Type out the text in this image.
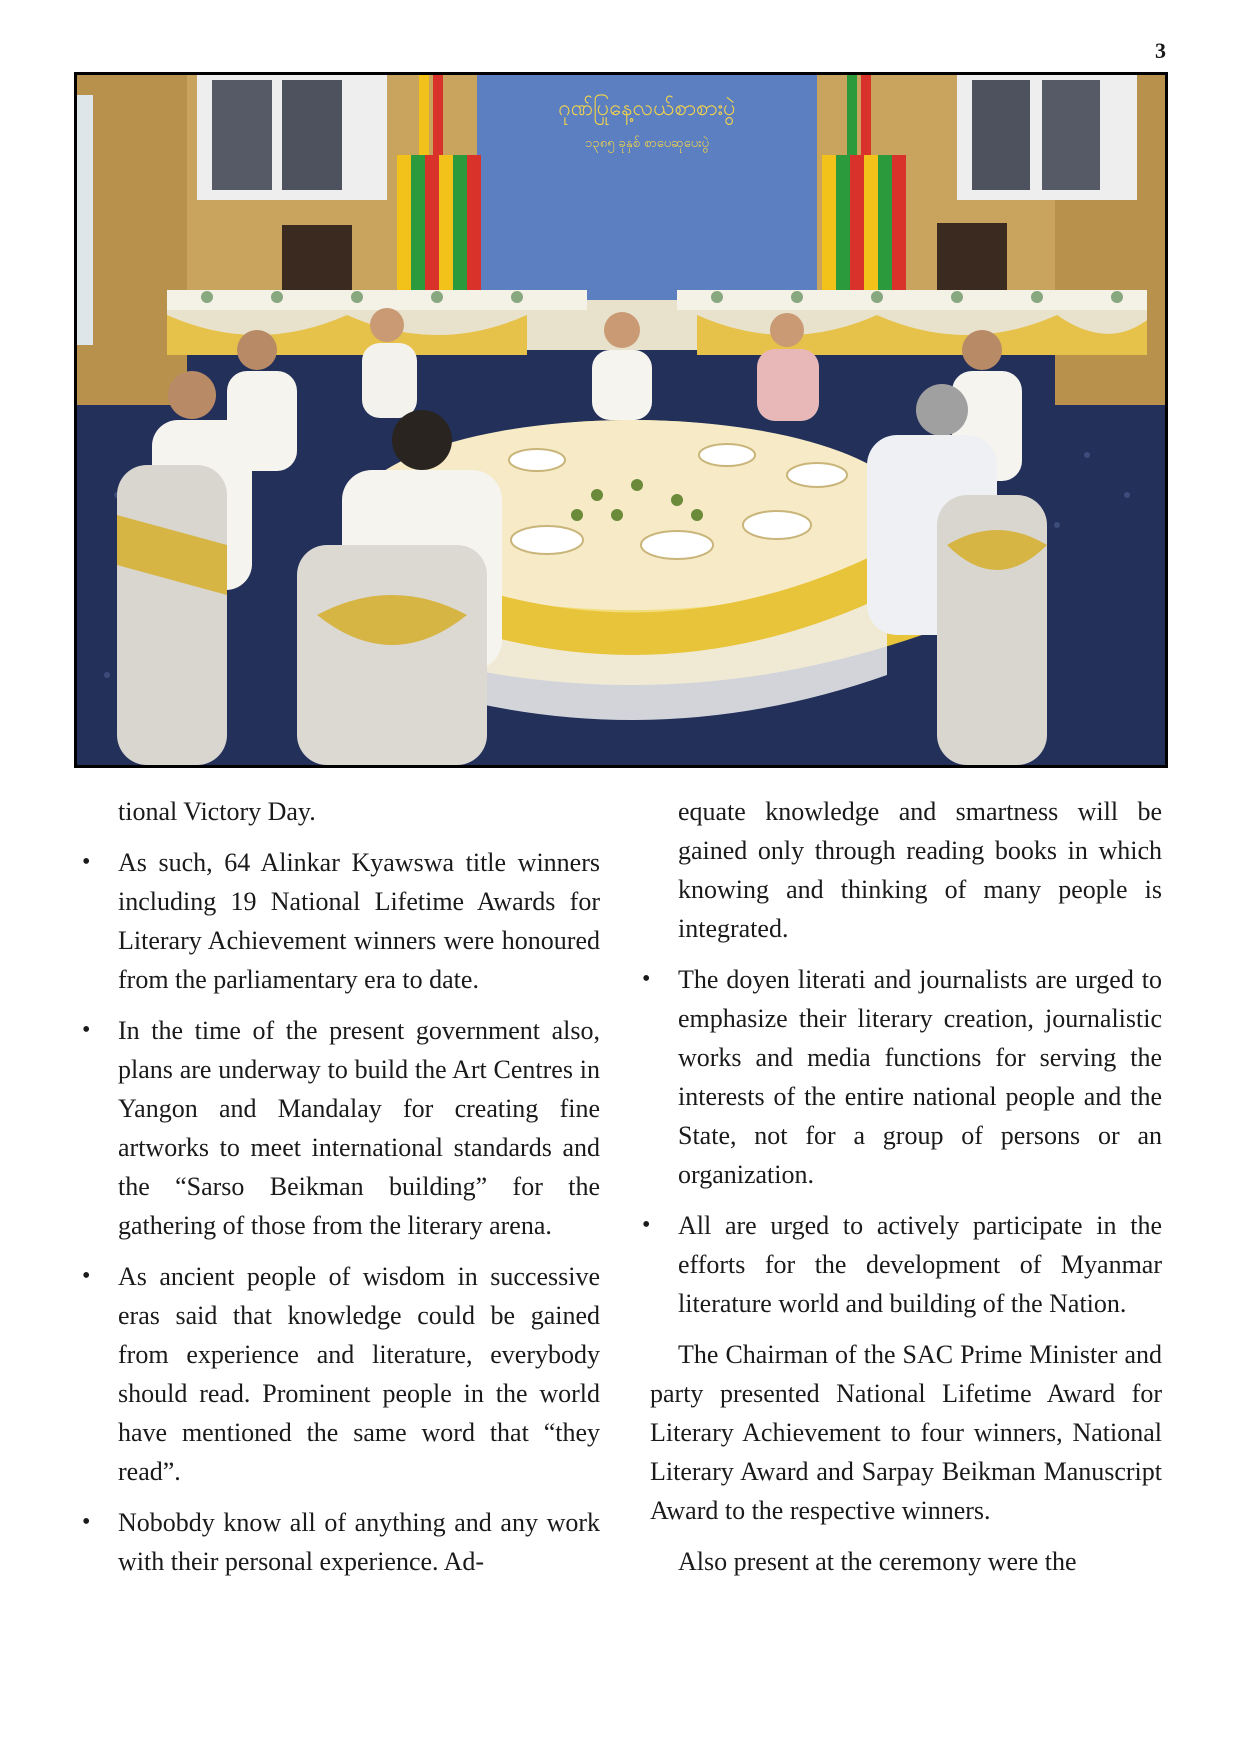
3
ဂုဏ်ပြုနေ့လယ်စာစားပွဲ
၁၃၈၅ ခုနှစ် စာပေဆုပေးပွဲ

tional Victory Day.

• As such, 64 Alinkar Kyawswa title winners including 19 National Lifetime Awards for Literary Achievement winners were honoured from the parliamentary era to date.
• In the time of the present government also, plans are underway to build the Art Centres in Yangon and Mandalay for creating fine artworks to meet international standards and the “Sarso Beikman building” for the gathering of those from the literary arena.
• As ancient people of wisdom in successive eras said that knowledge could be gained from experience and literature, everybody should read. Prominent people in the world have mentioned the same word that “they read”.
• Nobobdy know all of anything and any work with their personal experience. Ad-

equate knowledge and smartness will be gained only through reading books in which knowing and thinking of many people is integrated.

• The doyen literati and journalists are urged to emphasize their literary creation, journalistic works and media functions for serving the interests of the entire national people and the State, not for a group of persons or an organization.
• All are urged to actively participate in the efforts for the development of Myanmar literature world and building of the Nation.

The Chairman of the SAC Prime Minister and party presented National Lifetime Award for Literary Achievement to four winners, National Literary Award and Sarpay Beikman Manuscript Award to the respective winners.

Also present at the ceremony were the
